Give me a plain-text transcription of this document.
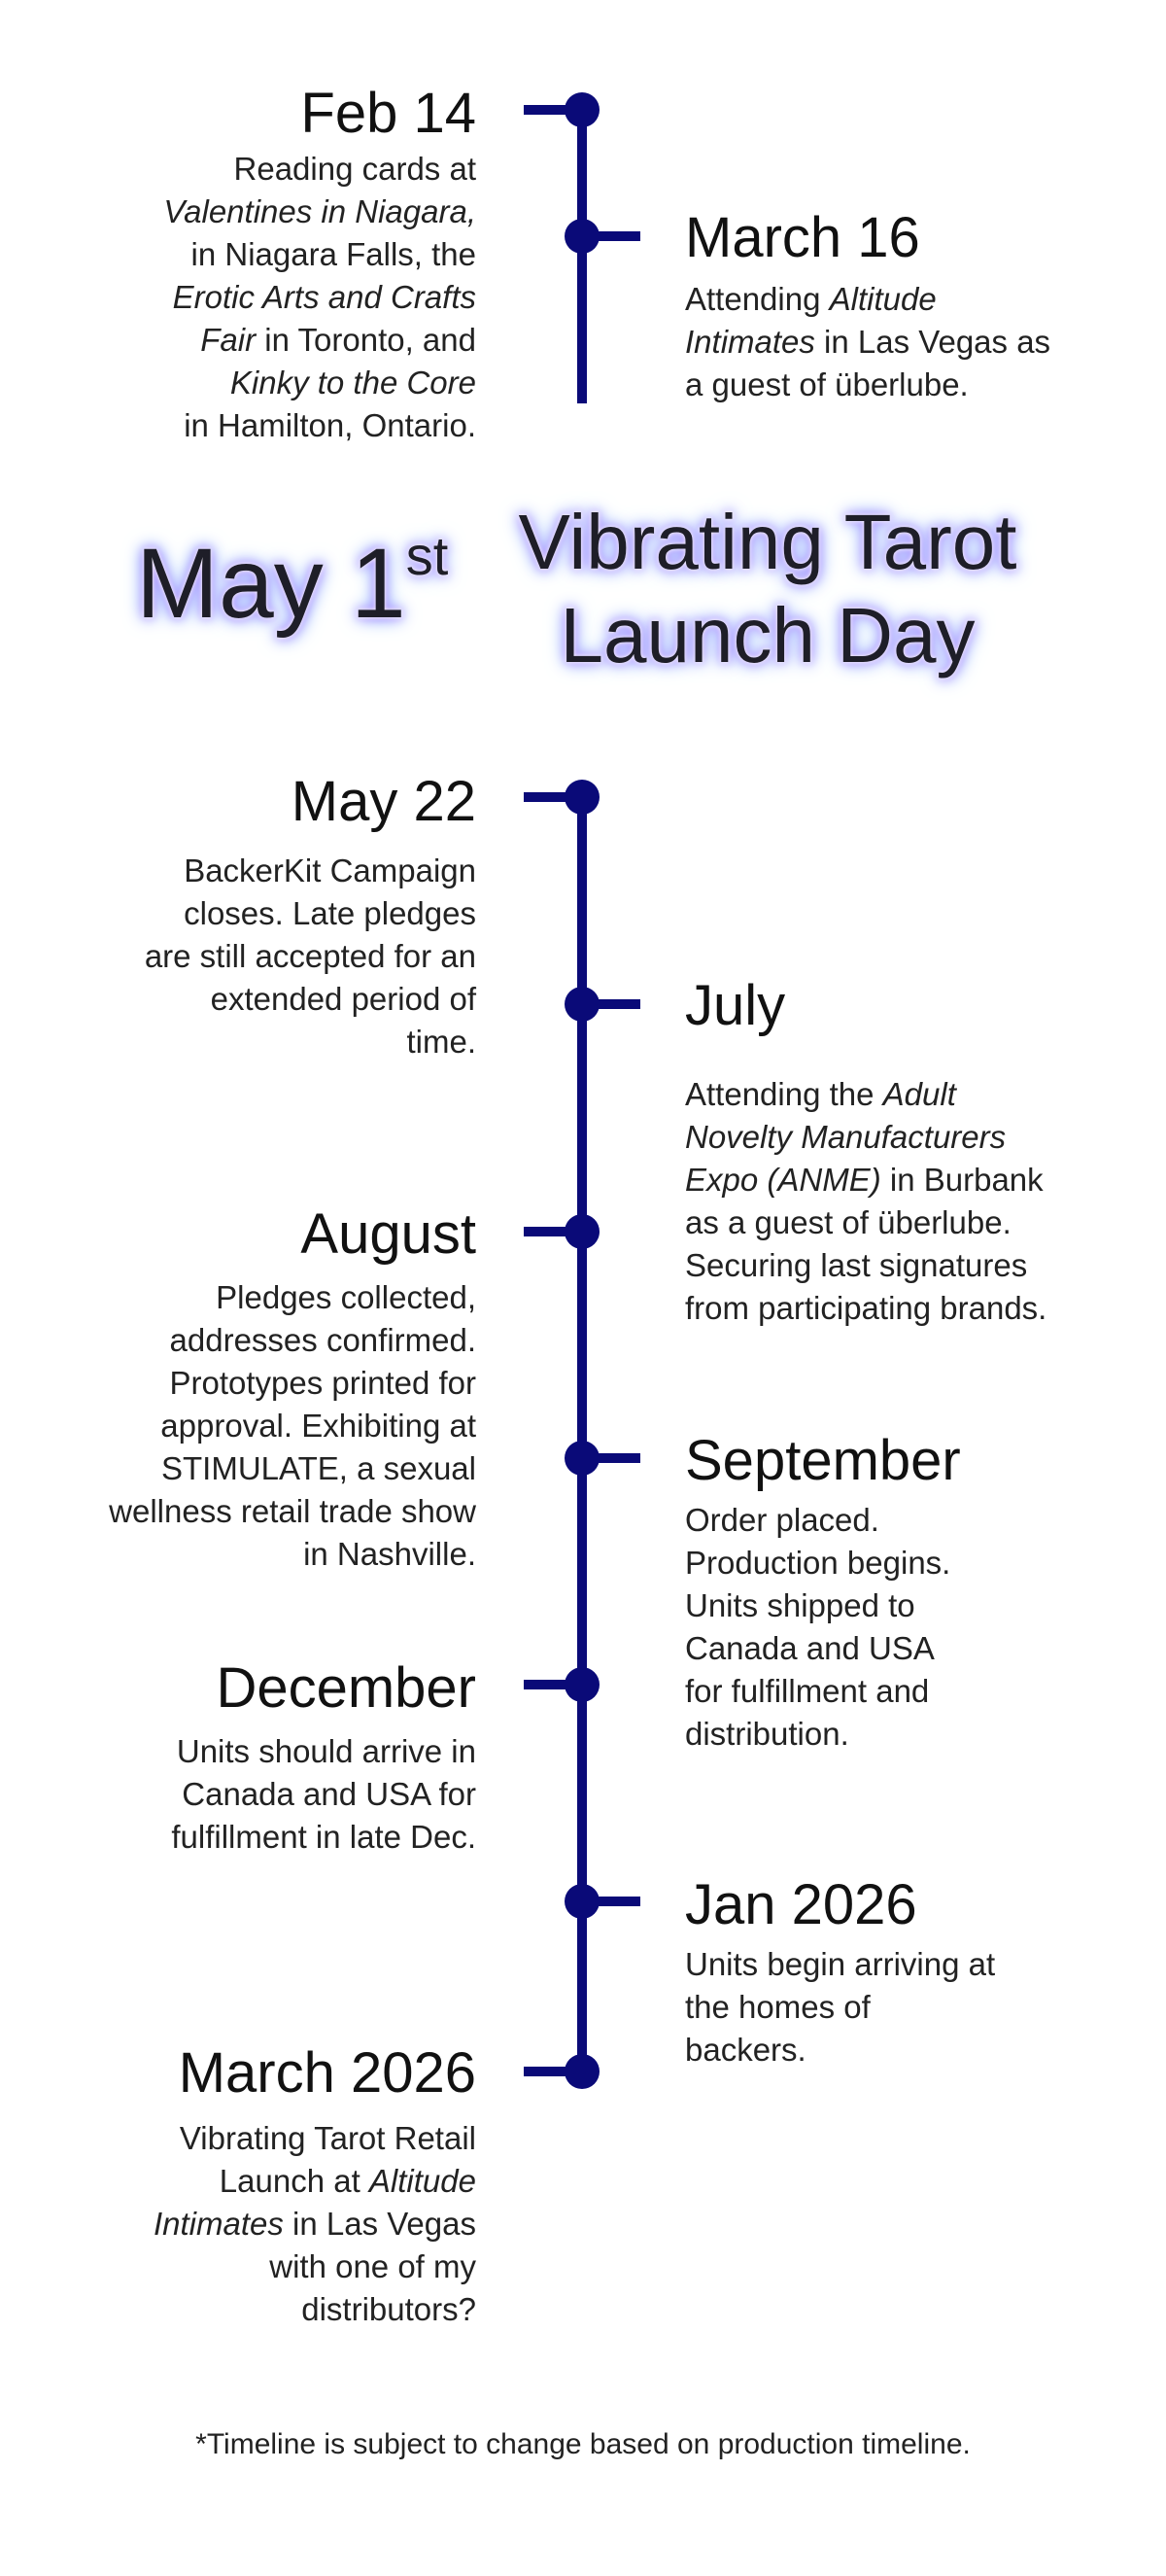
Feb 14
Reading cards at
Valentines in Niagara,
in Niagara Falls, the
Erotic Arts and Crafts
Fair in Toronto, and
Kinky to the Core
in Hamilton, Ontario.
March 16
Attending Altitude Intimates in Las Vegas as a guest of überlube.
May 1st Vibrating Tarot
Launch Day
May 22
BackerKit Campaign closes. Late pledges are still accepted for an extended period of time.
July
Attending the Adult Novelty Manufacturers Expo (ANME) in Burbank as a guest of überlube. Securing last signatures from participating brands.
August
Pledges collected, addresses confirmed. Prototypes printed for approval. Exhibiting at STIMULATE, a sexual wellness retail trade show in Nashville.
September
Order placed. Production begins. Units shipped to Canada and USA for fulfillment and distribution.
December
Units should arrive in Canada and USA for fulfillment in late Dec.
Jan 2026
Units begin arriving at the homes of backers.
March 2026
Vibrating Tarot Retail Launch at Altitude Intimates in Las Vegas with one of my distributors?
*Timeline is subject to change based on production timeline.
